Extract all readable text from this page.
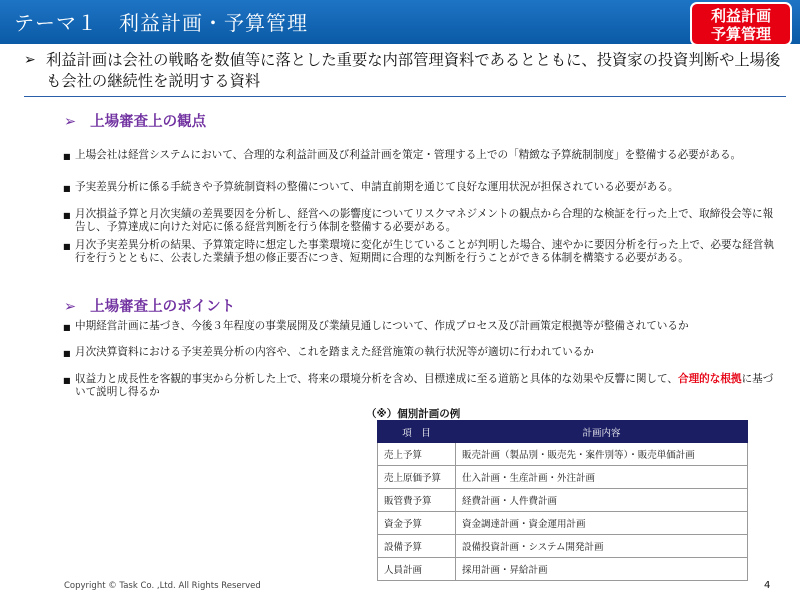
テーマ１　利益計画・予算管理	利益計画
予算管理
➢ 利益計画は会社の戦略を数値等に落とした重要な内部管理資料であるとともに、投資家の投資判断や上場後も会社の継続性を説明する資料
➢ 上場審査上の観点
■ 上場会社は経営システムにおいて、合理的な利益計画及び利益計画を策定・管理する上での「精緻な予算統制制度」を整備する必要がある。
■ 予実差異分析に係る手続きや予算統制資料の整備について、申請直前期を通じて良好な運用状況が担保されている必要がある。
■ 月次損益予算と月次実績の差異要因を分析し、経営への影響度についてリスクマネジメントの観点から合理的な検証を行った上で、取締役会等に報告し、予算達成に向けた対応に係る経営判断を行う体制を整備する必要がある。
■ 月次予実差異分析の結果、予算策定時に想定した事業環境に変化が生じていることが判明した場合、速やかに要因分析を行った上で、必要な経営執行を行うとともに、公表した業績予想の修正要否につき、短期間に合理的な判断を行うことができる体制を構築する必要がある。
➢ 上場審査上のポイント
■ 中期経営計画に基づき、今後３年程度の事業展開及び業績見通しについて、作成プロセス及び計画策定根拠等が整備されているか
■ 月次決算資料における予実差異分析の内容や、これを踏まえた経営施策の執行状況等が適切に行われているか
■ 収益力と成長性を客観的事実から分析した上で、将来の環境分析を含め、目標達成に至る道筋と具体的な効果や反響に関して、合理的な根拠に基づいて説明し得るか
（※）個別計画の例
項　目	計画内容
売上予算	販売計画（製品別・販売先・案件別等）・販売単価計画
売上原価予算	仕入計画・生産計画・外注計画
販管費予算	経費計画・人件費計画
資金予算	資金調達計画・資金運用計画
設備予算	設備投資計画・システム開発計画
人員計画	採用計画・昇給計画
Copyright © Task Co. ,Ltd. All Rights Reserved	4
